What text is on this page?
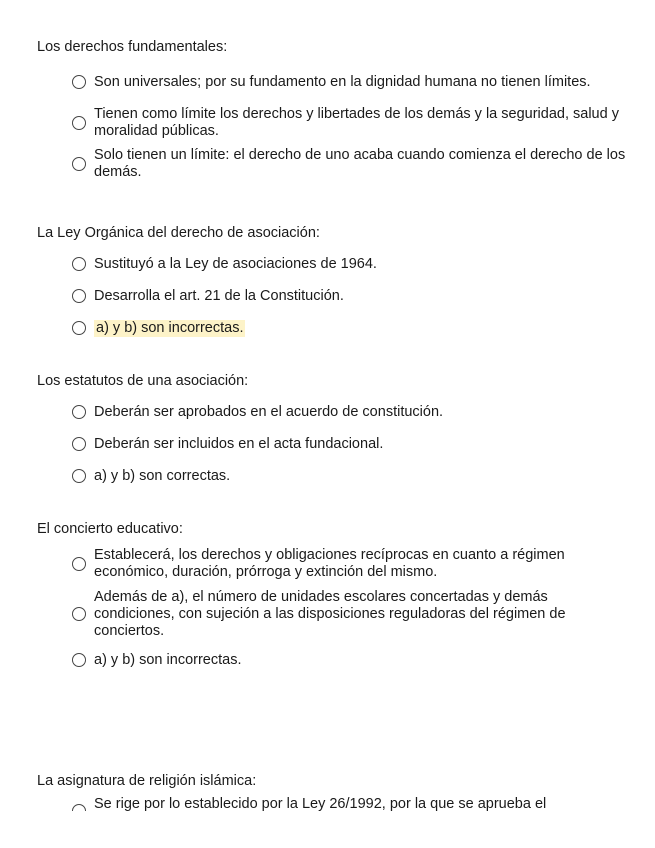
Los derechos fundamentales:
Son universales; por su fundamento en la dignidad humana no tienen límites.
Tienen como límite los derechos y libertades de los demás y la seguridad, salud y moralidad públicas.
Solo tienen un límite: el derecho de uno acaba cuando comienza el derecho de los demás.
La Ley Orgánica del derecho de asociación:
Sustituyó a la Ley de asociaciones de 1964.
Desarrolla el art. 21 de la Constitución.
a) y b) son incorrectas.
Los estatutos de una asociación:
Deberán ser aprobados en el acuerdo de constitución.
Deberán ser incluidos en el acta fundacional.
a) y b) son correctas.
El concierto educativo:
Establecerá, los derechos y obligaciones recíprocas en cuanto a régimen económico, duración, prórroga y extinción del mismo.
Además de a), el número de unidades escolares concertadas y demás condiciones, con sujeción a las disposiciones reguladoras del régimen de conciertos.
a) y b) son incorrectas.
La asignatura de religión islámica:
Se rige por lo establecido por la Ley 26/1992, por la que se aprueba el
